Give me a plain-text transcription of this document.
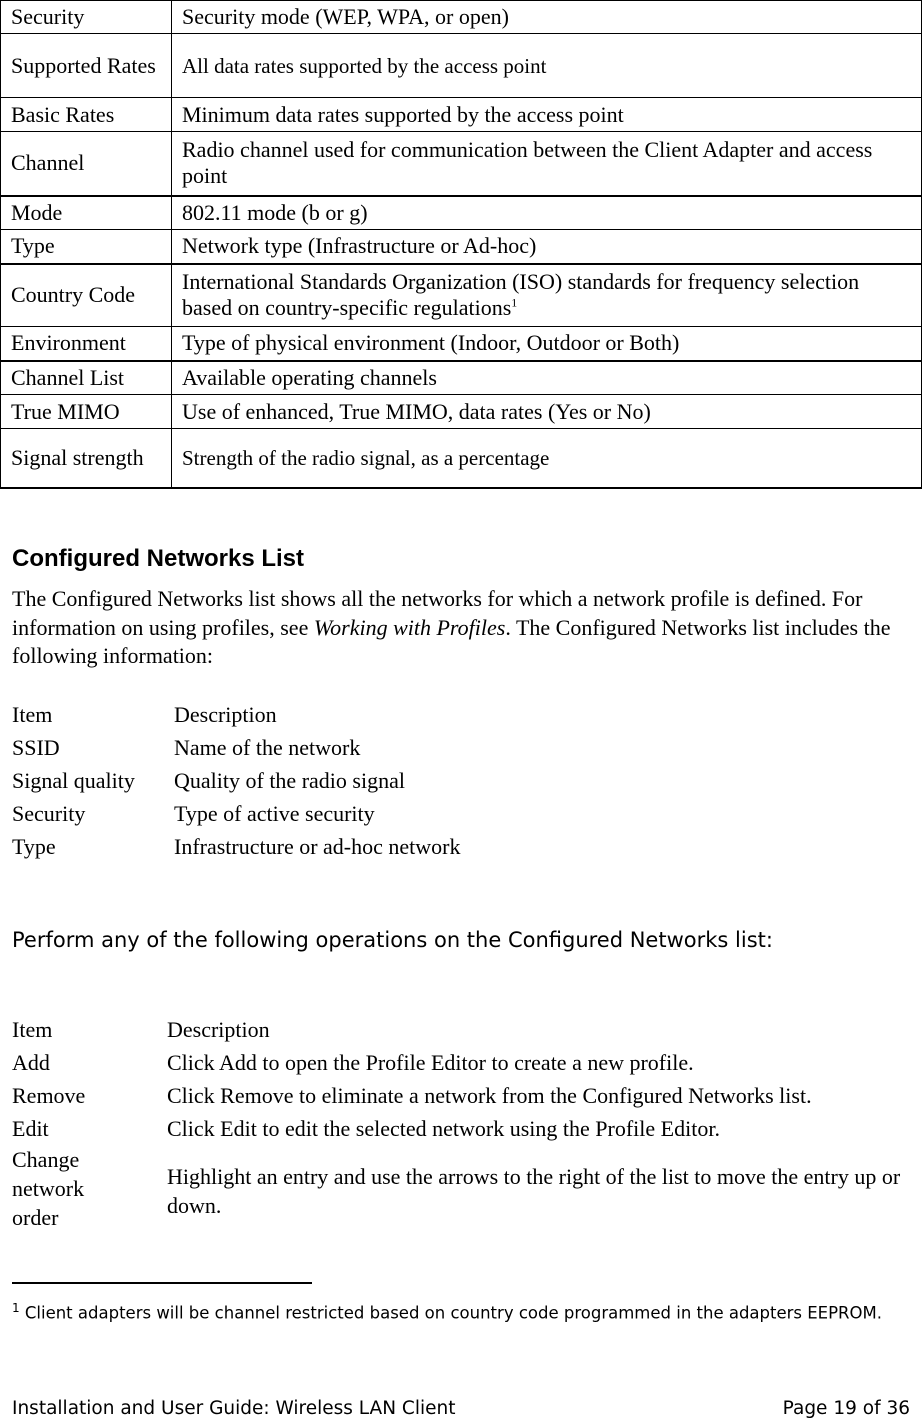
Security	Security mode (WEP, WPA, or open)
Supported Rates	All data rates supported by the access point
Basic Rates	Minimum data rates supported by the access point
Channel	Radio channel used for communication between the Client Adapter and access point
Mode	802.11 mode (b or g)
Type	Network type (Infrastructure or Ad-hoc)
Country Code	International Standards Organization (ISO) standards for frequency selection based on country-specific regulations$^1$
Environment	Type of physical environment (Indoor, Outdoor or Both)
Channel List	Available operating channels
True MIMO	Use of enhanced, True MIMO, data rates (Yes or No)
Signal strength	Strength of the radio signal, as a percentage
Configured Networks List

The Configured Networks list shows all the networks for which a network profile is defined. For information on using profiles, see Working with Profiles. The Configured Networks list includes the following information:

Item	Description
SSID	Name of the network
Signal quality	Quality of the radio signal
Security	Type of active security
Type	Infrastructure or ad-hoc network
Perform any of the following operations on the Configured Networks list:
Item	Description
Add	Click Add to open the Profile Editor to create a new profile.
Remove	Click Remove to eliminate a network from the Configured Networks list.
Edit	Click Edit to edit the selected network using the Profile Editor.
Change network order	Highlight an entry and use the arrows to the right of the list to move the entry up or down.

$^1$ Client adapters will be channel restricted based on country code programmed in the adapters EEPROM.

Installation and User Guide: Wireless LAN Client	Page 19 of 36
